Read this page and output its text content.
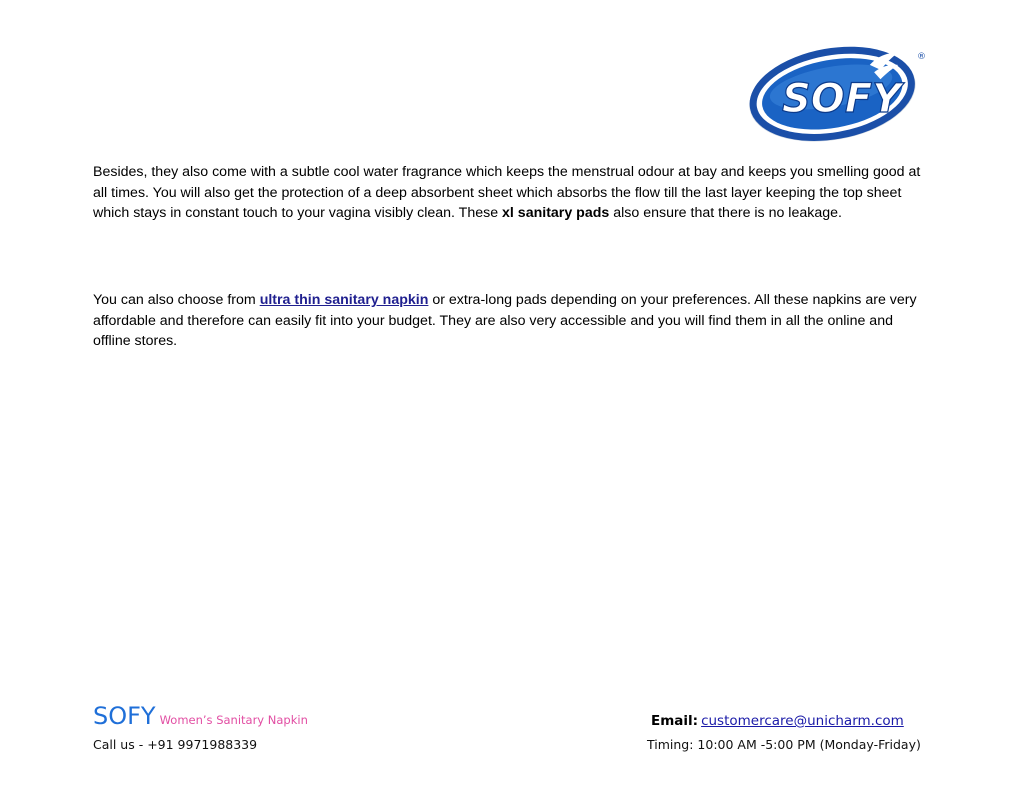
SOFY
®

Besides, they also come with a subtle cool water fragrance which keeps the menstrual odour at bay and keeps you smelling good at all times. You will also get the protection of a deep absorbent sheet which absorbs the flow till the last layer keeping the top sheet which stays in constant touch to your vagina visibly clean. These xl sanitary pads also ensure that there is no leakage.

You can also choose from ultra thin sanitary napkin or extra-long pads depending on your preferences. All these napkins are very affordable and therefore can easily fit into your budget. They are also very accessible and you will find them in all the online and offline stores.

SOFY Women’s Sanitary Napkin
Call us - +91 9971988339
Email: customercare@unicharm.com
Timing: 10:00 AM -5:00 PM (Monday-Friday)
